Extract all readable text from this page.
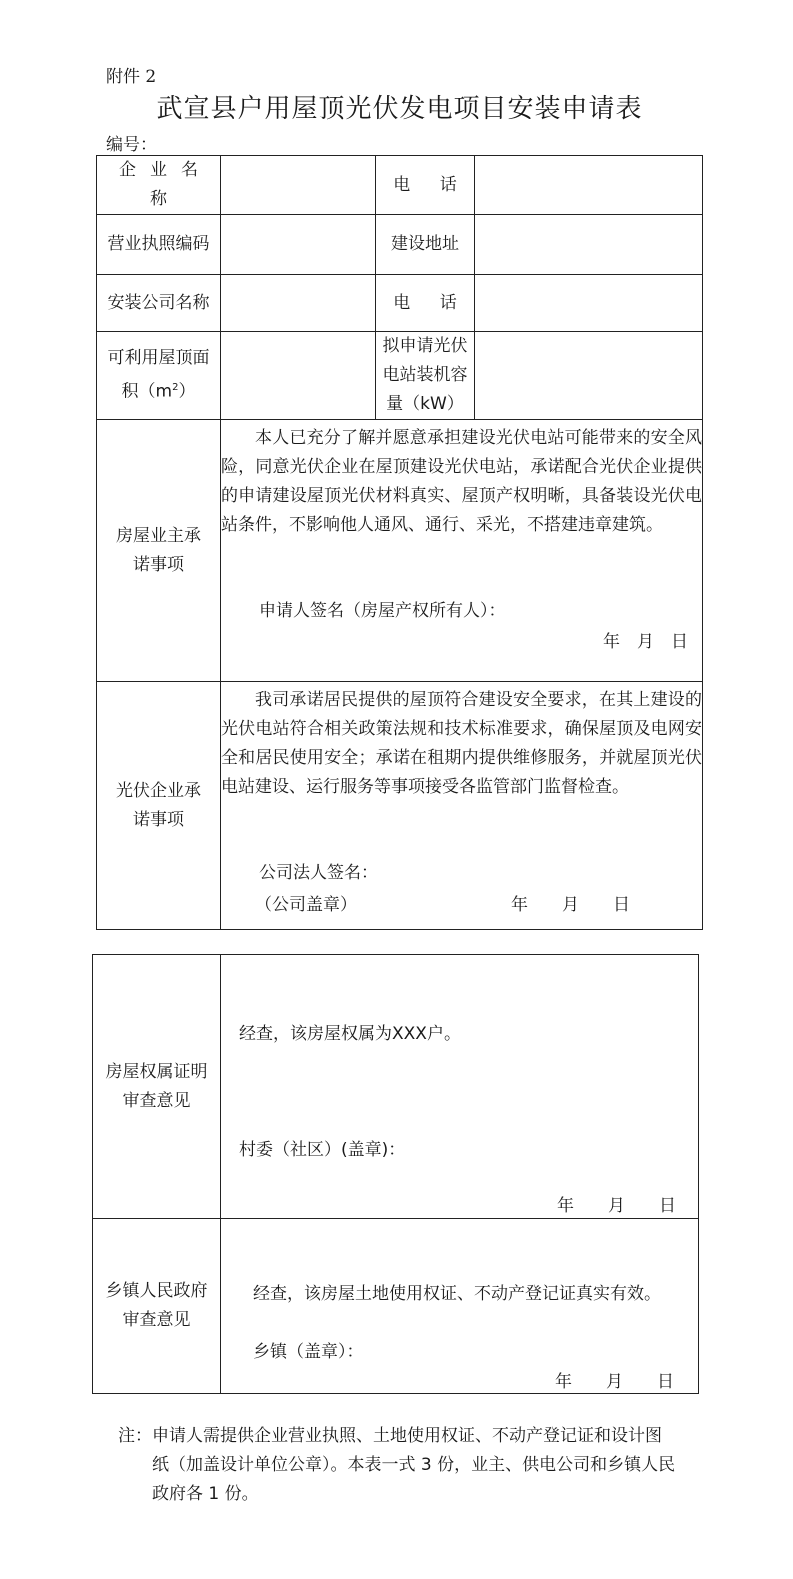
附件 2
武宣县户用屋顶光伏发电项目安装申请表
编号：
企业名称		电 话	
营业执照编码		建设地址	
安装公司名称		电 话	
可利用屋顶面积$(m^2)$		拟申请光伏电站装机容量（kW）	
房屋业主承诺事项	本人已充分了解并愿意承担建设光伏电站可能带来的安全风险，同意光伏企业在屋顶建设光伏电站，承诺配合光伏企业提供的申请建设屋顶光伏材料真实、屋顶产权明晰，具备装设光伏电站条件，不影响他人通风、通行、采光，不搭建违章建筑。
申请人签名（房屋产权所有人）：
年　月　日		

光伏企业承诺事项	我司承诺居民提供的屋顶符合建设安全要求，在其上建设的光伏电站符合相关政策法规和技术标准要求，确保屋顶及电网安全和居民使用安全；承诺在租期内提供维修服务，并就屋顶光伏电站建设、运行服务等事项接受各监管部门监督检查。
公司法人签名：
（公司盖章） 年　　月　　日		
房屋权属证明审查意见	经查，该房屋权属为XXX户。
村委（社区）(盖章)：
年　　月　　日

乡镇人民政府审查意见	经查，该房屋土地使用权证、不动产登记证真实有效。
乡镇（盖章）：
年　　月　　日
注：申请人需提供企业营业执照、土地使用权证、不动产登记证和设计图纸（加盖设计单位公章）。本表一式 3 份，业主、供电公司和乡镇人民政府各 1 份。
